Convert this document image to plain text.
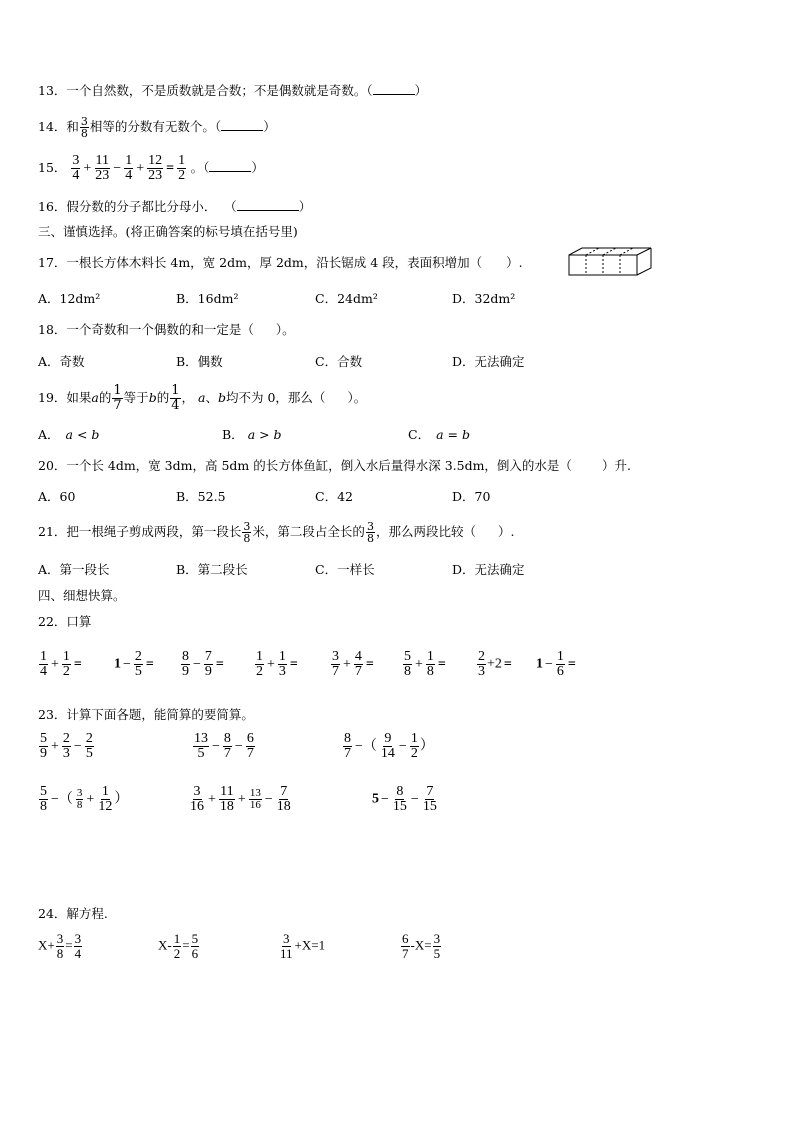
13．一个自然数，不是质数就是合数；不是偶数就是奇数。（	）
14．和 $\frac{3}{8}$ 相等的分数有无数个。（	）
15． $\frac{3}{4} + \frac{11}{23} - \frac{1}{4} + \frac{12}{23} = \frac{1}{2}$ 。（	）
16．假分数的分子都比分母小． （	）
三、谨慎选择。(将正确答案的标号填在括号里)
17．一根长方体木料长 4m，宽 2dm，厚 2dm，沿长锯成 4 段，表面积增加（ ）.
A．12dm²	B．16dm²	C．24dm²	D．32dm²
18．一个奇数和一个偶数的和一定是（ ）。
A．奇数	B．偶数	C．合数	D．无法确定
19．如果a的 $\frac{1}{7}$ 等于b的 $\frac{1}{4}$ ， a、b均不为 0，那么（ ）。
A． a < b	B． a > b	C． a = b
20．一个长 4dm，宽 3dm，高 5dm 的长方体鱼缸，倒入水后量得水深 3.5dm，倒入的水是（ ）升.
A．60	B．52.5	C．42	D．70
21．把一根绳子剪成两段，第一段长 $\frac{3}{8}$ 米，第二段占全长的 $\frac{3}{8}$ ，那么两段比较（ ）.
A．第一段长	B．第二段长	C．一样长	D．无法确定
四、细想快算。
22．口算
$\frac{1}{4} + \frac{1}{2} = 1 - \frac{2}{5} = \frac{8}{9} - \frac{7}{9} = \frac{1}{2} + \frac{1}{3} = \frac{3}{7} + \frac{4}{7} = \frac{5}{8} + \frac{1}{8} = \frac{2}{3} +2 = 1 - \frac{1}{6}$ =
23．计算下面各题，能简算的要简算。
$\frac{5}{9} + \frac{2}{3} - \frac{2}{5}$	$\frac{13}{5} - \frac{8}{7} - \frac{6}{7}$	$\frac{8}{7}$ −（ $\frac{9}{14} - \frac{1}{2}$ ）
$\frac{5}{8}$ −（ $\frac{3}{8} + \frac{1}{12}$ ）	$\frac{3}{16} + \frac{11}{18} + \frac{13}{16} - \frac{7}{18}$	$5 - \frac{8}{15} - \frac{7}{15}$
24．解方程.
$X+ \frac{3}{8} = \frac{3}{4}$	$X- \frac{1}{2} = \frac{5}{6}$	$\frac{3}{11} +X=1$	$\frac{6}{7} -X= \frac{3}{5}$
